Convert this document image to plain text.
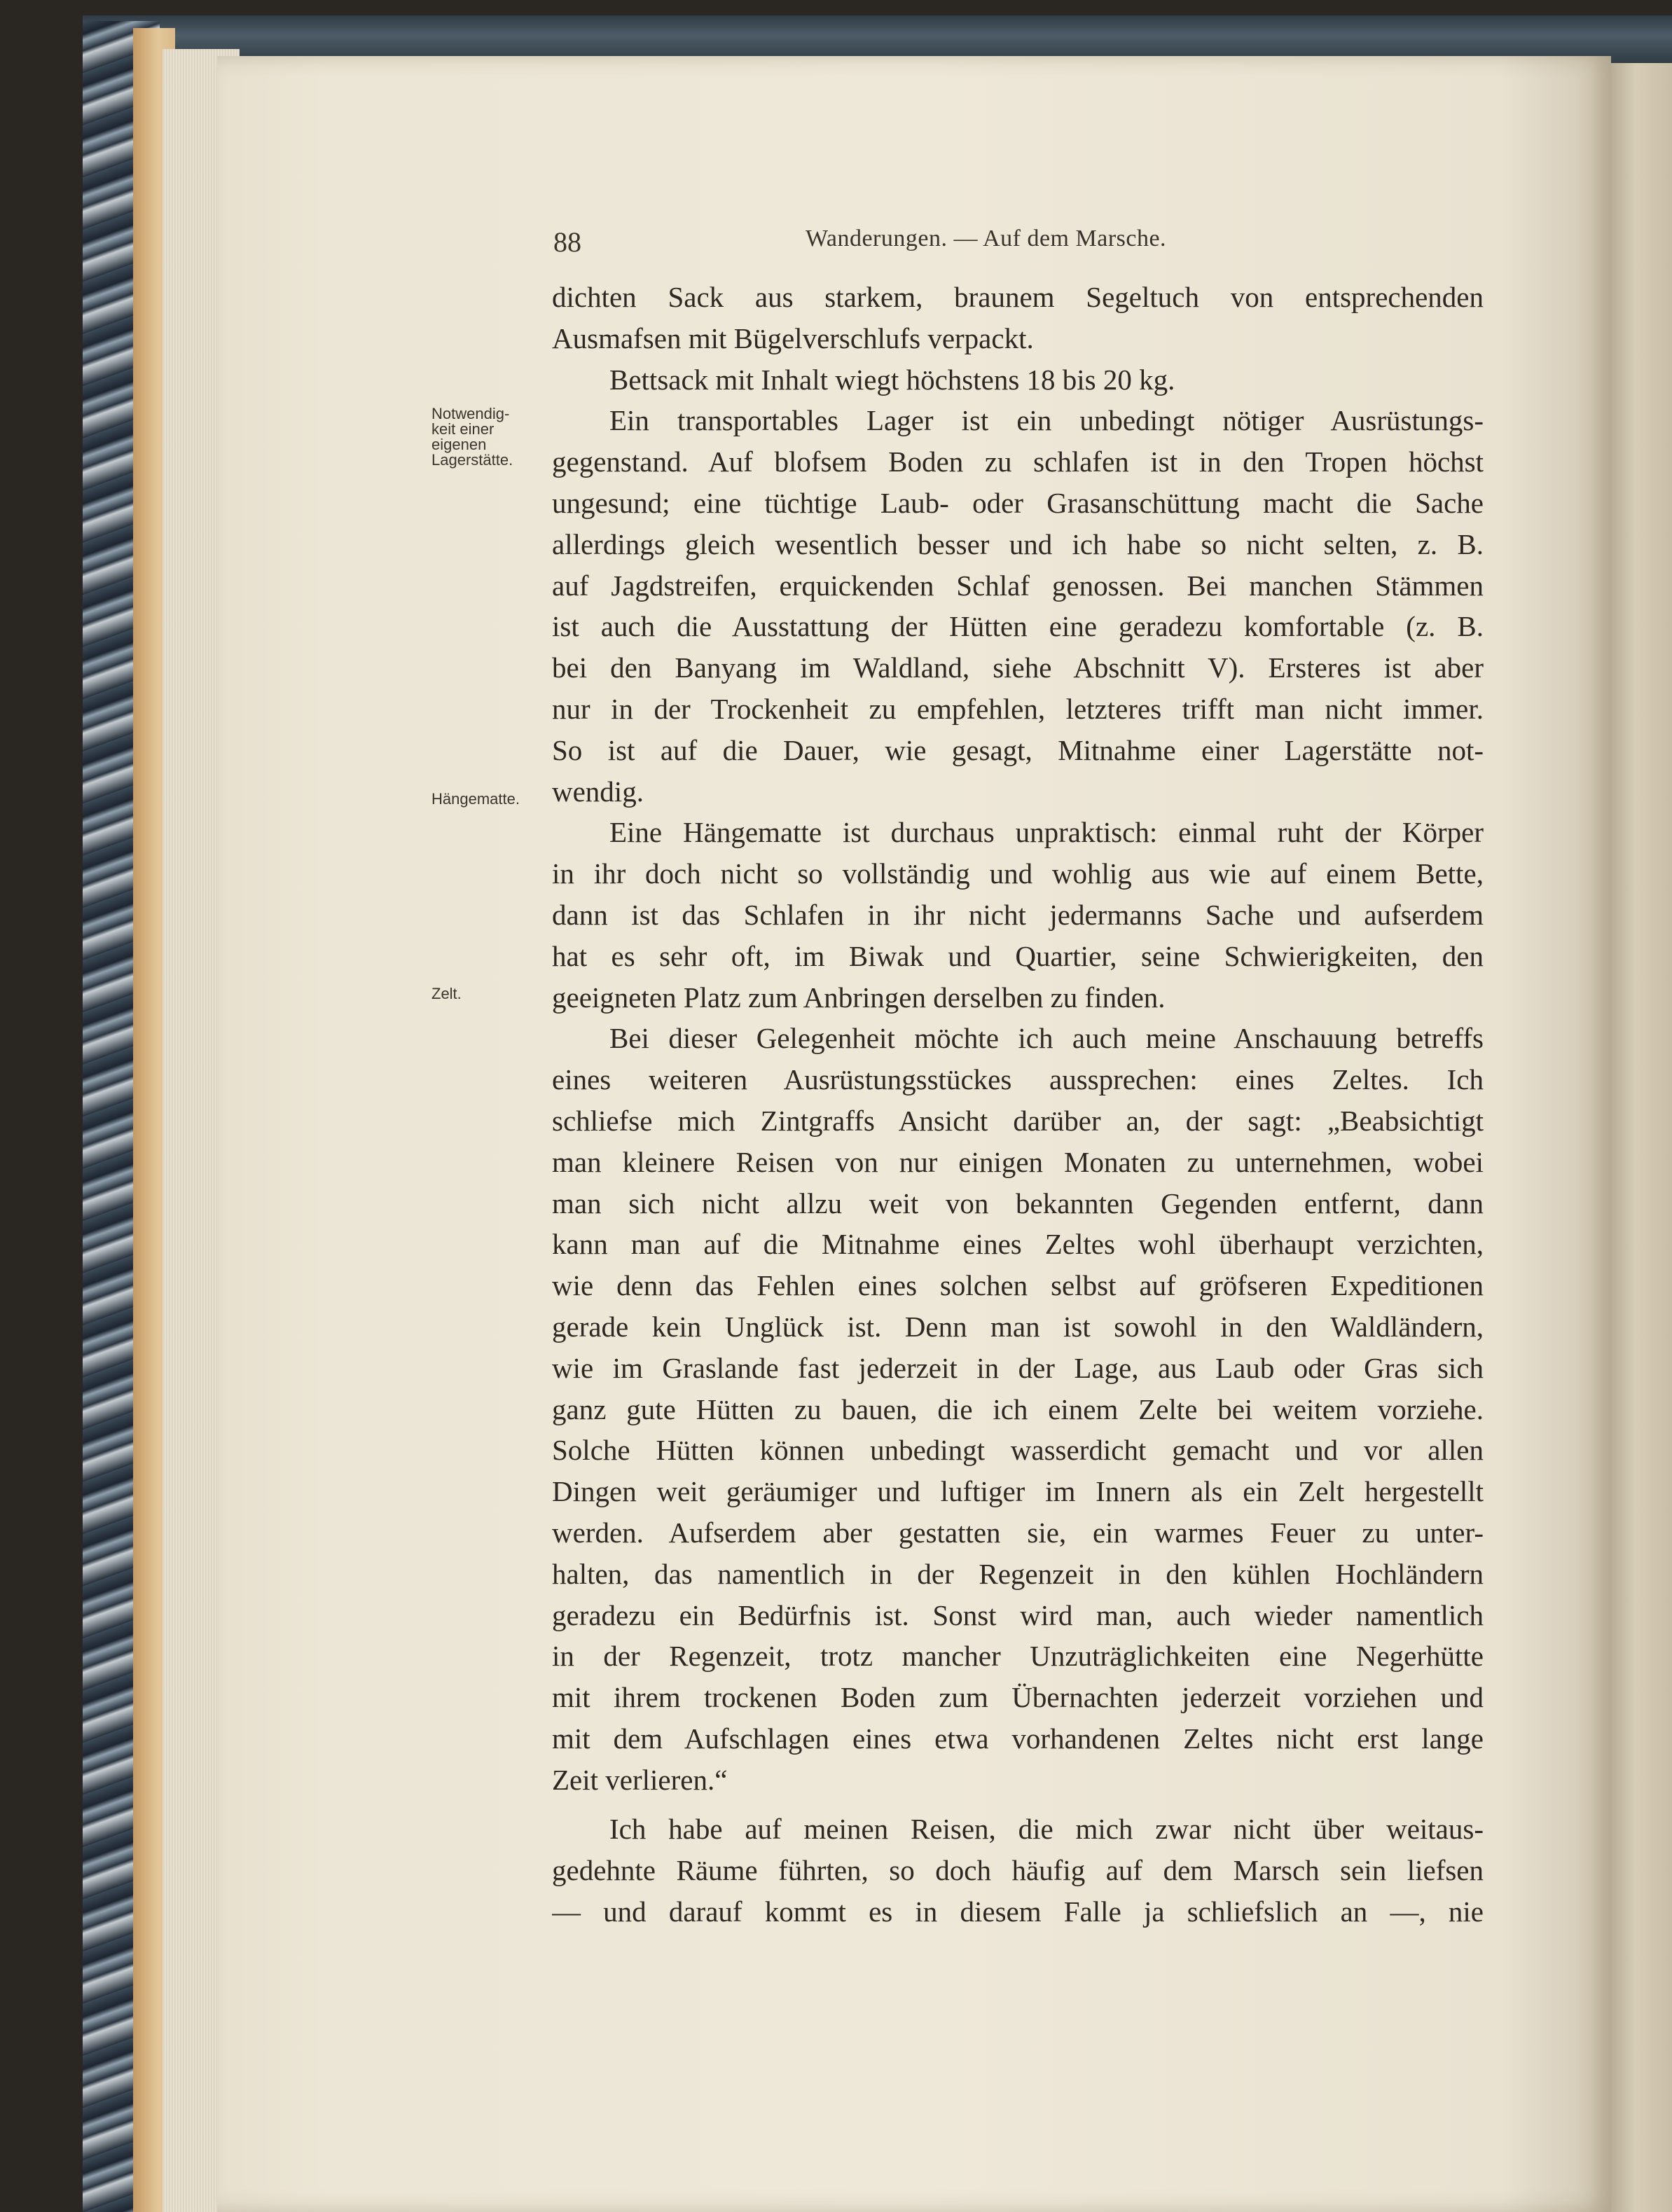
88	Wanderungen. — Auf dem Marsche.
Notwendig-
keit einer
eigenen
Lagerstätte.
Hängematte.
Zelt.
dichten Sack aus starkem, braunem Segeltuch von entsprechenden
Ausmafsen mit Bügelverschlufs verpackt.
Bettsack mit Inhalt wiegt höchstens 18 bis 20 kg.
Ein transportables Lager ist ein unbedingt nötiger Ausrüstungs-
gegenstand. Auf blofsem Boden zu schlafen ist in den Tropen höchst
ungesund; eine tüchtige Laub- oder Grasanschüttung macht die Sache
allerdings gleich wesentlich besser und ich habe so nicht selten, z. B.
auf Jagdstreifen, erquickenden Schlaf genossen. Bei manchen Stämmen
ist auch die Ausstattung der Hütten eine geradezu komfortable (z. B.
bei den Banyang im Waldland, siehe Abschnitt V). Ersteres ist aber
nur in der Trockenheit zu empfehlen, letzteres trifft man nicht immer.
So ist auf die Dauer, wie gesagt, Mitnahme einer Lagerstätte not-
wendig.
Eine Hängematte ist durchaus unpraktisch: einmal ruht der Körper
in ihr doch nicht so vollständig und wohlig aus wie auf einem Bette,
dann ist das Schlafen in ihr nicht jedermanns Sache und aufserdem
hat es sehr oft, im Biwak und Quartier, seine Schwierigkeiten, den
geeigneten Platz zum Anbringen derselben zu finden.
Bei dieser Gelegenheit möchte ich auch meine Anschauung betreffs
eines weiteren Ausrüstungsstückes aussprechen: eines Zeltes. Ich
schliefse mich Zintgraffs Ansicht darüber an, der sagt: „Beabsichtigt
man kleinere Reisen von nur einigen Monaten zu unternehmen, wobei
man sich nicht allzu weit von bekannten Gegenden entfernt, dann
kann man auf die Mitnahme eines Zeltes wohl überhaupt verzichten,
wie denn das Fehlen eines solchen selbst auf gröfseren Expeditionen
gerade kein Unglück ist. Denn man ist sowohl in den Waldländern,
wie im Graslande fast jederzeit in der Lage, aus Laub oder Gras sich
ganz gute Hütten zu bauen, die ich einem Zelte bei weitem vorziehe.
Solche Hütten können unbedingt wasserdicht gemacht und vor allen
Dingen weit geräumiger und luftiger im Innern als ein Zelt hergestellt
werden. Aufserdem aber gestatten sie, ein warmes Feuer zu unter-
halten, das namentlich in der Regenzeit in den kühlen Hochländern
geradezu ein Bedürfnis ist. Sonst wird man, auch wieder namentlich
in der Regenzeit, trotz mancher Unzuträglichkeiten eine Negerhütte
mit ihrem trockenen Boden zum Übernachten jederzeit vorziehen und
mit dem Aufschlagen eines etwa vorhandenen Zeltes nicht erst lange
Zeit verlieren.“
Ich habe auf meinen Reisen, die mich zwar nicht über weitaus-
gedehnte Räume führten, so doch häufig auf dem Marsch sein liefsen
— und darauf kommt es in diesem Falle ja schliefslich an —, nie
